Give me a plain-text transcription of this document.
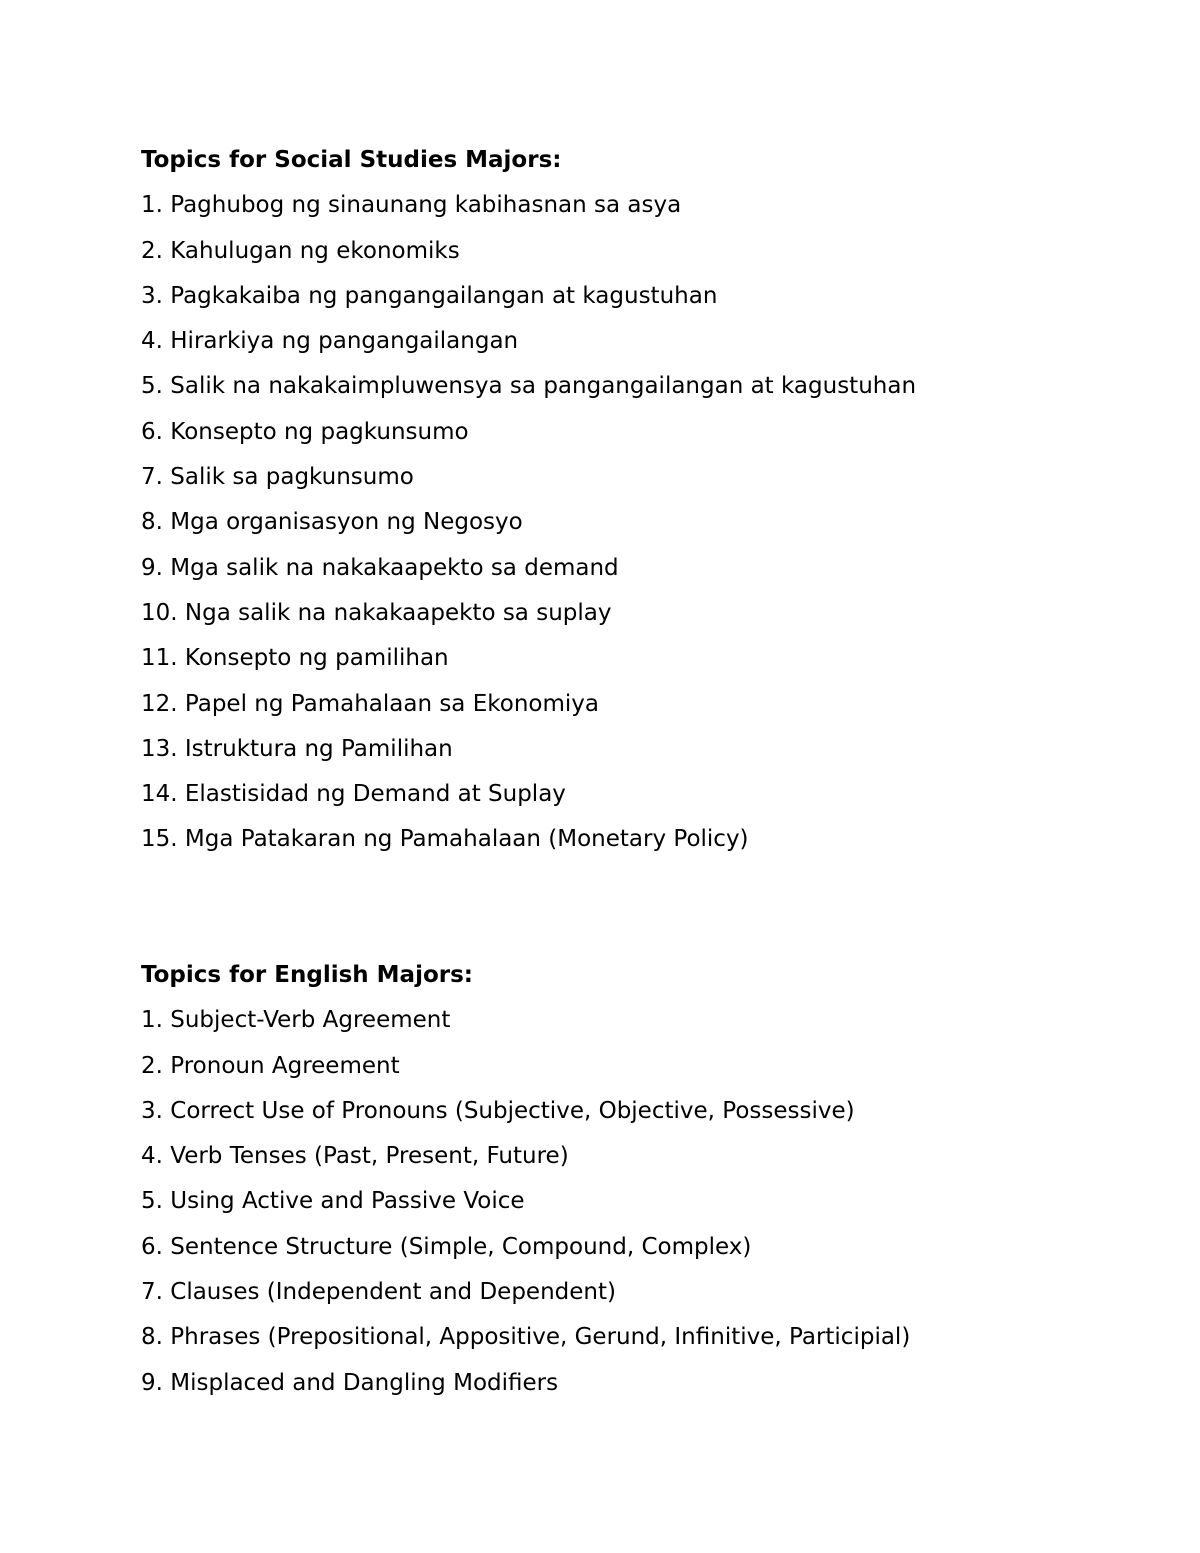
Topics for Social Studies Majors:
1. Paghubog ng sinaunang kabihasnan sa asya
2. Kahulugan ng ekonomiks
3. Pagkakaiba ng pangangailangan at kagustuhan
4. Hirarkiya ng pangangailangan
5. Salik na nakakaimpluwensya sa pangangailangan at kagustuhan
6. Konsepto ng pagkunsumo
7. Salik sa pagkunsumo
8. Mga organisasyon ng Negosyo
9. Mga salik na nakakaapekto sa demand
10. Nga salik na nakakaapekto sa suplay
11. Konsepto ng pamilihan
12. Papel ng Pamahalaan sa Ekonomiya
13. Istruktura ng Pamilihan
14. Elastisidad ng Demand at Suplay
15. Mga Patakaran ng Pamahalaan (Monetary Policy)
Topics for English Majors:
1. Subject-Verb Agreement
2. Pronoun Agreement
3. Correct Use of Pronouns (Subjective, Objective, Possessive)
4. Verb Tenses (Past, Present, Future)
5. Using Active and Passive Voice
6. Sentence Structure (Simple, Compound, Complex)
7. Clauses (Independent and Dependent)
8. Phrases (Prepositional, Appositive, Gerund, Infinitive, Participial)
9. Misplaced and Dangling Modifiers
